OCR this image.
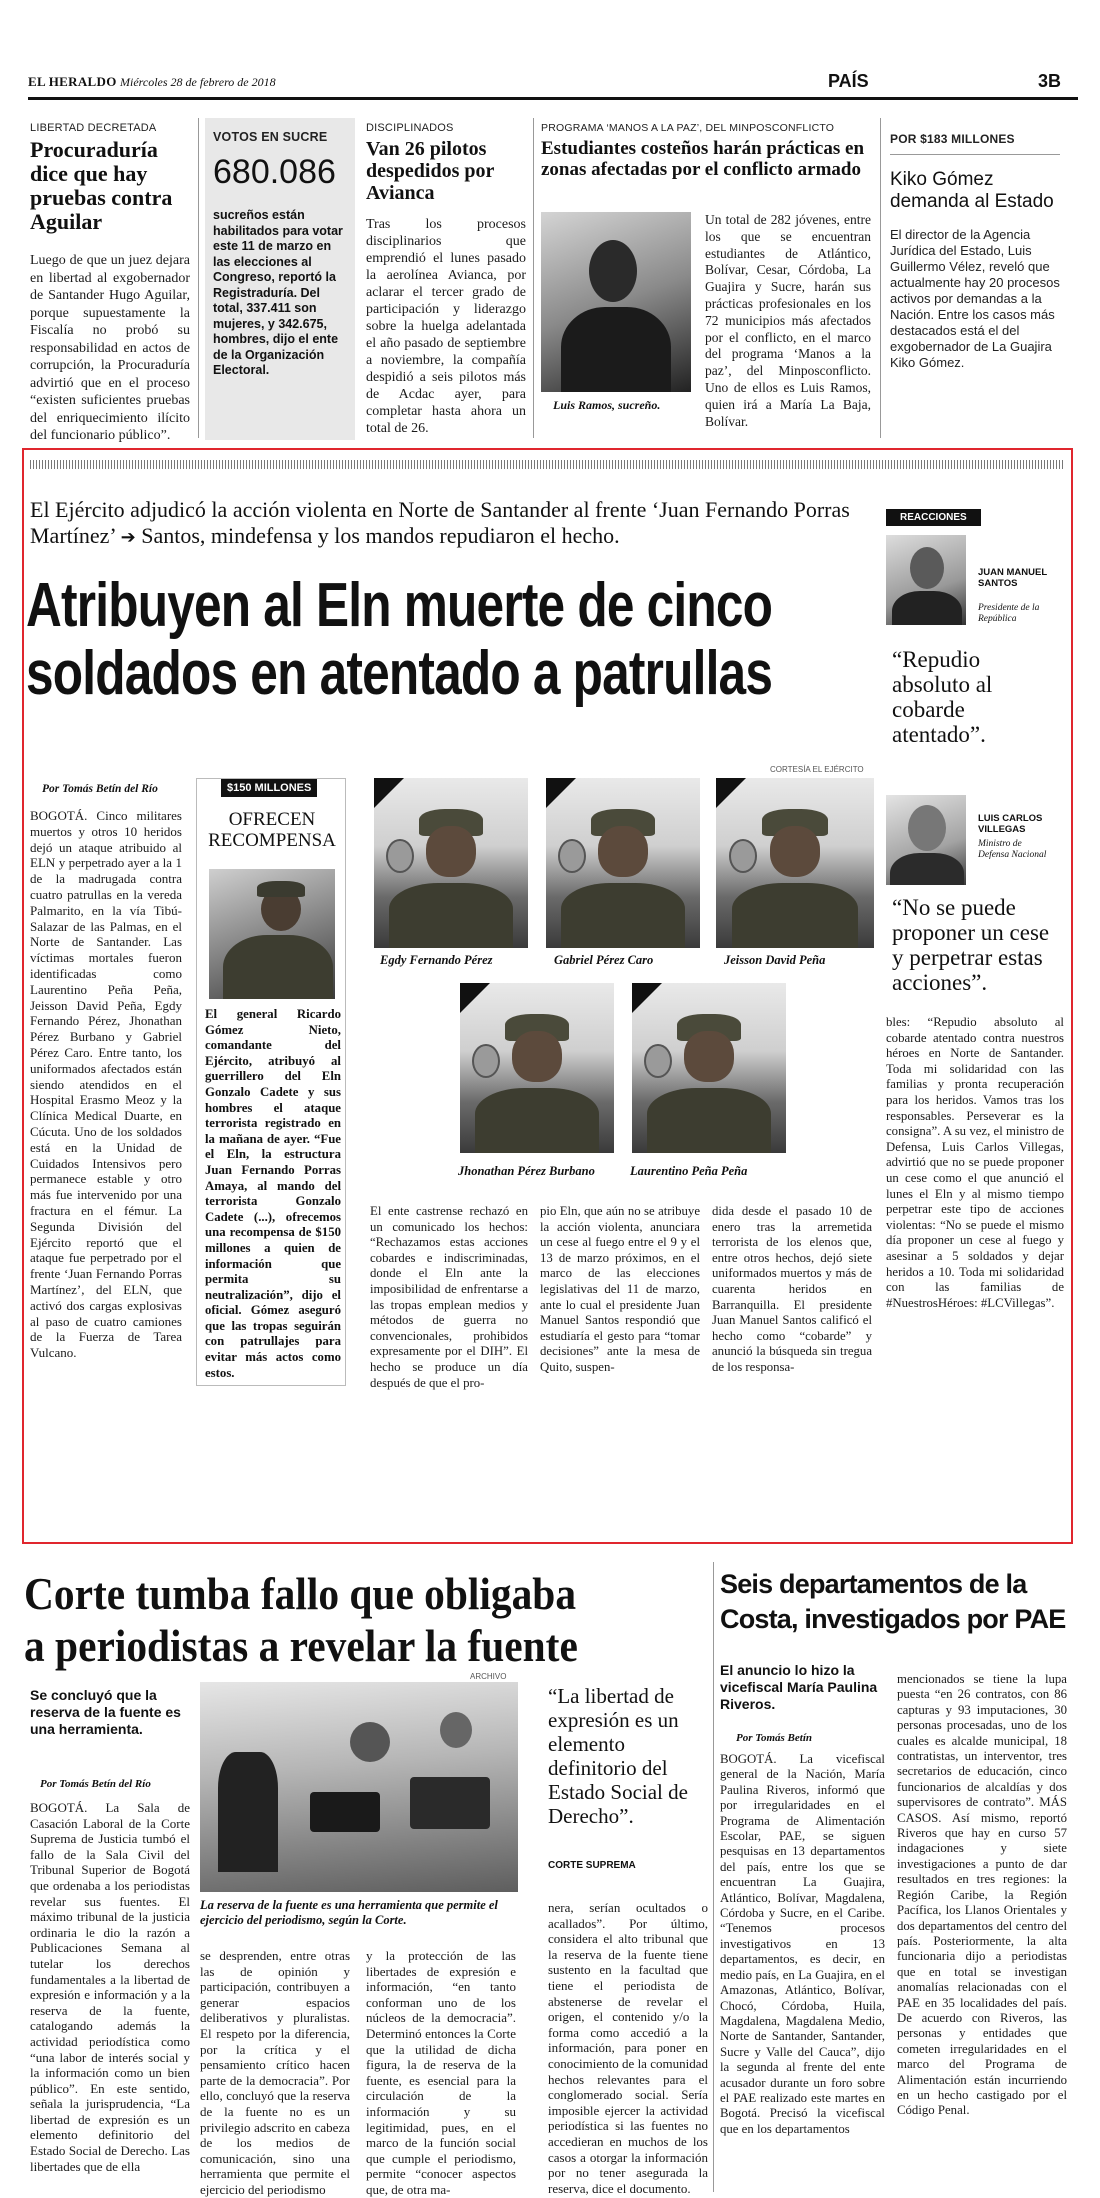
EL HERALDO Miércoles 28 de febrero de 2018	PAÍS	3B
LIBERTAD DECRETADA
Procuraduría dice que hay pruebas contra Aguilar
Luego de que un juez dejara en libertad al exgobernador de Santander Hugo Aguilar, porque supuestamente la Fiscalía no probó su responsabilidad en actos de corrupción, la Procuraduría advirtió que en el proceso “existen suficientes pruebas del enriquecimiento ilícito del funcionario público”.
VOTOS EN SUCRE
680.086
sucreños están habilitados para votar este 11 de marzo en las elecciones al Congreso, reportó la Registraduría. Del total, 337.411 son mujeres, y 342.675, hombres, dijo el ente de la Organización Electoral.
DISCIPLINADOS
Van 26 pilotos despedidos por Avianca
Tras los procesos disciplinarios que emprendió el lunes pasado la aerolínea Avianca, por aclarar el tercer grado de participación y liderazgo sobre la huelga adelantada el año pasado de septiembre a noviembre, la compañía despidió a seis pilotos más de Acdac ayer, para completar hasta ahora un total de 26.
PROGRAMA ‘MANOS A LA PAZ’, DEL MINPOSCONFLICTO
Estudiantes costeños harán prácticas en zonas afectadas por el conflicto armado
Luis Ramos, sucreño.
Un total de 282 jóvenes, entre los que se encuentran estudiantes de Atlántico, Bolívar, Cesar, Córdoba, La Guajira y Sucre, harán sus prácticas profesionales en los 72 municipios más afectados por el conflicto, en el marco del programa ‘Manos a la paz’, del Minposconflicto. Uno de ellos es Luis Ramos, quien irá a María La Baja, Bolívar.
POR $183 MILLONES
Kiko Gómez demanda al Estado
El director de la Agencia Jurídica del Estado, Luis Guillermo Vélez, reveló que actualmente hay 20 procesos activos por demandas a la Nación. Entre los casos más destacados está el del exgobernador de La Guajira Kiko Gómez.
El Ejército adjudicó la acción violenta en Norte de Santander al frente ‘Juan Fernando Porras Martínez’ ➔ Santos, mindefensa y los mandos repudiaron el hecho.
Atribuyen al Eln muerte de cinco
soldados en atentado a patrullas
Por Tomás Betín del Río
CORTESÍA EL EJÉRCITO
BOGOTÁ. Cinco militares muertos y otros 10 heridos dejó un ataque atribuido al ELN y perpetrado ayer a la 1 de la madrugada contra cuatro patrullas en la vereda Palmarito, en la vía Tibú-Salazar de las Palmas, en el Norte de Santander. Las víctimas mortales fueron identificadas como Laurentino Peña Peña, Jeisson David Peña, Egdy Fernando Pérez, Jhonathan Pérez Burbano y Gabriel Pérez Caro. Entre tanto, los uniformados afectados están siendo atendidos en el Hospital Erasmo Meoz y la Clínica Medical Duarte, en Cúcuta. Uno de los soldados está en la Unidad de Cuidados Intensivos pero permanece estable y otro más fue intervenido por una fractura en el fémur. La Segunda División del Ejército reportó que el ataque fue perpetrado por el frente ‘Juan Fernando Porras Martínez’, del ELN, que activó dos cargas explosivas al paso de cuatro camiones de la Fuerza de Tarea Vulcano.
$150 MILLONES
OFRECEN RECOMPENSA
El general Ricardo Gómez Nieto, comandante del Ejército, atribuyó al guerrillero del Eln Gonzalo Cadete y sus hombres el ataque terrorista registrado en la mañana de ayer. “Fue el Eln, la estructura Juan Fernando Porras Amaya, al mando del terrorista Gonzalo Cadete (...), ofrecemos una recompensa de $150 millones a quien de información que permita su neutralización”, dijo el oficial. Gómez aseguró que las tropas seguirán con patrullajes para evitar más actos como estos.
Egdy Fernando Pérez	Gabriel Pérez Caro	Jeisson David Peña
Jhonathan Pérez Burbano	Laurentino Peña Peña
El ente castrense rechazó en un comunicado los hechos: “Rechazamos estas acciones cobardes e indiscriminadas, donde el Eln ante la imposibilidad de enfrentarse a las tropas emplean medios y métodos de guerra no convencionales, prohibidos expresamente por el DIH”. El hecho se produce un día después de que el pro-
pio Eln, que aún no se atribuye la acción violenta, anunciara un cese al fuego entre el 9 y el 13 de marzo próximos, en el marco de las elecciones legislativas del 11 de marzo, ante lo cual el presidente Juan Manuel Santos respondió que estudiaría el gesto para “tomar decisiones” ante la mesa de Quito, suspen-
dida desde el pasado 10 de enero tras la arremetida terrorista de los elenos que, entre otros hechos, dejó siete uniformados muertos y más de cuarenta heridos en Barranquilla. El presidente Juan Manuel Santos calificó el hecho como “cobarde” y anunció la búsqueda sin tregua de los responsa-
REACCIONES
JUAN MANUEL SANTOS
Presidente de la República
“Repudio absoluto al cobarde atentado”.
LUIS CARLOS VILLEGAS
Ministro de Defensa Nacional
“No se puede proponer un cese y perpetrar estas acciones”.
bles: “Repudio absoluto al cobarde atentado contra nuestros héroes en Norte de Santander. Toda mi solidaridad con las familias y pronta recuperación para los heridos. Vamos tras los responsables. Perseverar es la consigna”. A su vez, el ministro de Defensa, Luis Carlos Villegas, advirtió que no se puede proponer un cese como el que anunció el lunes el Eln y al mismo tiempo perpetrar este tipo de acciones violentas: “No se puede el mismo día proponer un cese al fuego y asesinar a 5 soldados y dejar heridos a 10. Toda mi solidaridad con las familias de #NuestrosHéroes: #LCVillegas”.
Corte tumba fallo que obligaba
a periodistas a revelar la fuente
Se concluyó que la reserva de la fuente es una herramienta.
Por Tomás Betín del Río
BOGOTÁ. La Sala de Casación Laboral de la Corte Suprema de Justicia tumbó el fallo de la Sala Civil del Tribunal Superior de Bogotá que ordenaba a los periodistas revelar sus fuentes. El máximo tribunal de la justicia ordinaria le dio la razón a Publicaciones Semana al tutelar los derechos fundamentales a la libertad de expresión e información y a la reserva de la fuente, catalogando además la actividad periodística como “una labor de interés social y la información como un bien público”. En este sentido, señala la jurisprudencia, “La libertad de expresión es un elemento definitorio del Estado Social de Derecho. Las libertades que de ella
ARCHIVO
La reserva de la fuente es una herramienta que permite el ejercicio del periodismo, según la Corte.
“La libertad de expresión es un elemento definitorio del Estado Social de Derecho”.
CORTE SUPREMA
se desprenden, entre otras las de opinión y participación, contribuyen a generar espacios deliberativos y pluralistas. El respeto por la diferencia, por la crítica y el pensamiento crítico hacen parte de la democracia”. Por ello, concluyó que la reserva de la fuente no es un privilegio adscrito en cabeza de los medios de comunicación, sino una herramienta que permite el ejercicio del periodismo
y la protección de las libertades de expresión e información, “en tanto conforman uno de los núcleos de la democracia”. Determinó entonces la Corte que la utilidad de dicha figura, la de reserva de la fuente, es esencial para la circulación de la información y su legitimidad, pues, en el marco de la función social que cumple el periodismo, permite “conocer aspectos que, de otra ma-
nera, serían ocultados o acallados”. Por último, considera el alto tribunal que la reserva de la fuente tiene sustento en la facultad que tiene el periodista de abstenerse de revelar el origen, el contenido y/o la forma como accedió a la información, para poner en conocimiento de la comunidad hechos relevantes para el conglomerado social. Sería imposible ejercer la actividad periodística si las fuentes no accedieran en muchos de los casos a otorgar la información por no tener asegurada la reserva, dice el documento.
Seis departamentos de la Costa, investigados por PAE
El anuncio lo hizo la vicefiscal María Paulina Riveros.
Por Tomás Betín
BOGOTÁ. La vicefiscal general de la Nación, María Paulina Riveros, informó que por irregularidades en el Programa de Alimentación Escolar, PAE, se siguen pesquisas en 13 departamentos del país, entre los que se encuentran La Guajira, Atlántico, Bolívar, Magdalena, Córdoba y Sucre, en el Caribe. “Tenemos procesos investigativos en 13 departamentos, es decir, en medio país, en La Guajira, en el Amazonas, Atlántico, Bolívar, Chocó, Córdoba, Huila, Magdalena, Magdalena Medio, Norte de Santander, Santander, Sucre y Valle del Cauca”, dijo la segunda al frente del ente acusador durante un foro sobre el PAE realizado este martes en Bogotá. Precisó la vicefiscal que en los departamentos
mencionados se tiene la lupa puesta “en 26 contratos, con 86 capturas y 93 imputaciones, 30 personas procesadas, uno de los cuales es alcalde municipal, 18 contratistas, un interventor, tres secretarios de educación, cinco funcionarios de alcaldías y dos supervisores de contrato”. MÁS CASOS. Así mismo, reportó Riveros que hay en curso 57 indagaciones y siete investigaciones a punto de dar resultados en tres regiones: la Región Caribe, la Región Pacífica, los Llanos Orientales y dos departamentos del centro del país. Posteriormente, la alta funcionaria dijo a periodistas que en total se investigan anomalías relacionadas con el PAE en 35 localidades del país. De acuerdo con Riveros, las personas y entidades que cometen irregularidades en el marco del Programa de Alimentación están incurriendo en un hecho castigado por el Código Penal.
